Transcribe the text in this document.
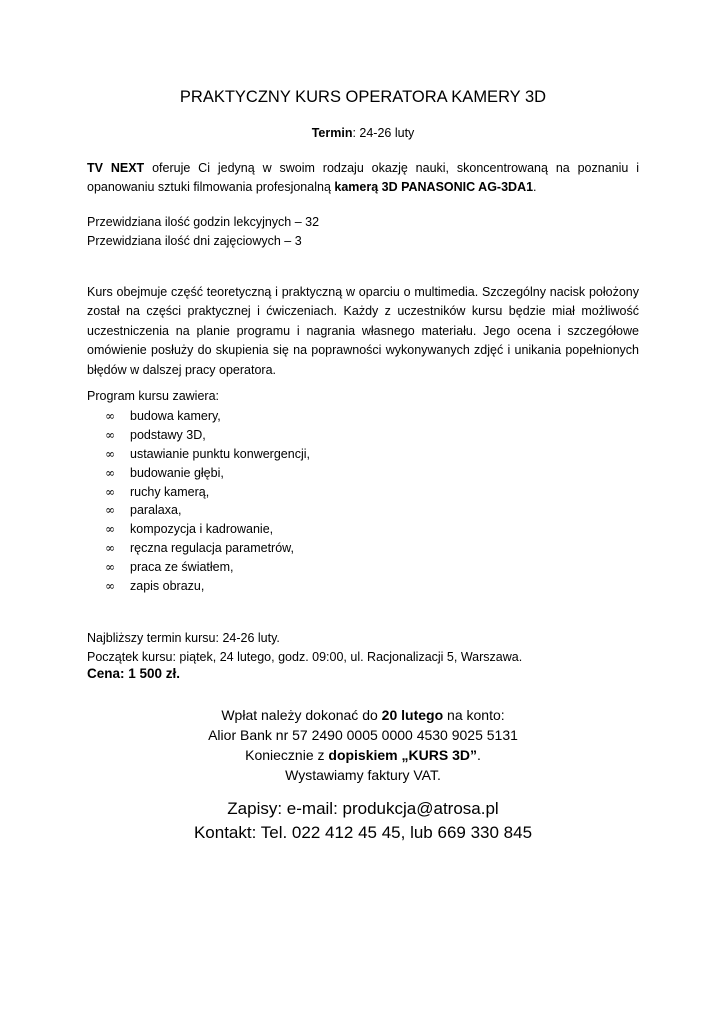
PRAKTYCZNY KURS OPERATORA KAMERY 3D
Termin: 24-26 luty
TV NEXT oferuje Ci jedyną w swoim rodzaju okazję nauki, skoncentrowaną na poznaniu i opanowaniu sztuki filmowania profesjonalną kamerą 3D PANASONIC AG-3DA1.
Przewidziana ilość godzin lekcyjnych – 32
Przewidziana ilość dni zajęciowych – 3
Kurs obejmuje część teoretyczną i praktyczną w oparciu o multimedia. Szczególny nacisk położony został na części praktycznej i ćwiczeniach. Każdy z uczestników kursu będzie miał możliwość uczestniczenia na planie programu i nagrania własnego materiału. Jego ocena i szczegółowe omówienie posłuży do skupienia się na poprawności wykonywanych zdjęć i unikania popełnionych błędów w dalszej pracy operatora.
Program kursu zawiera:
∞ budowa kamery,
∞ podstawy 3D,
∞ ustawianie punktu konwergencji,
∞ budowanie głębi,
∞ ruchy kamerą,
∞ paralaxa,
∞ kompozycja i kadrowanie,
∞ ręczna regulacja parametrów,
∞ praca ze światłem,
∞ zapis obrazu,
Najbliższy termin kursu: 24-26 luty.
Początek kursu: piątek, 24 lutego, godz. 09:00, ul. Racjonalizacji 5, Warszawa.
Cena: 1 500 zł.
Wpłat należy dokonać do 20 lutego na konto:
Alior Bank nr 57 2490 0005 0000 4530 9025 5131
Koniecznie z dopiskiem „KURS 3D”.
Wystawiamy faktury VAT.
Zapisy: e-mail: produkcja@atrosa.pl
Kontakt: Tel. 022 412 45 45, lub 669 330 845
